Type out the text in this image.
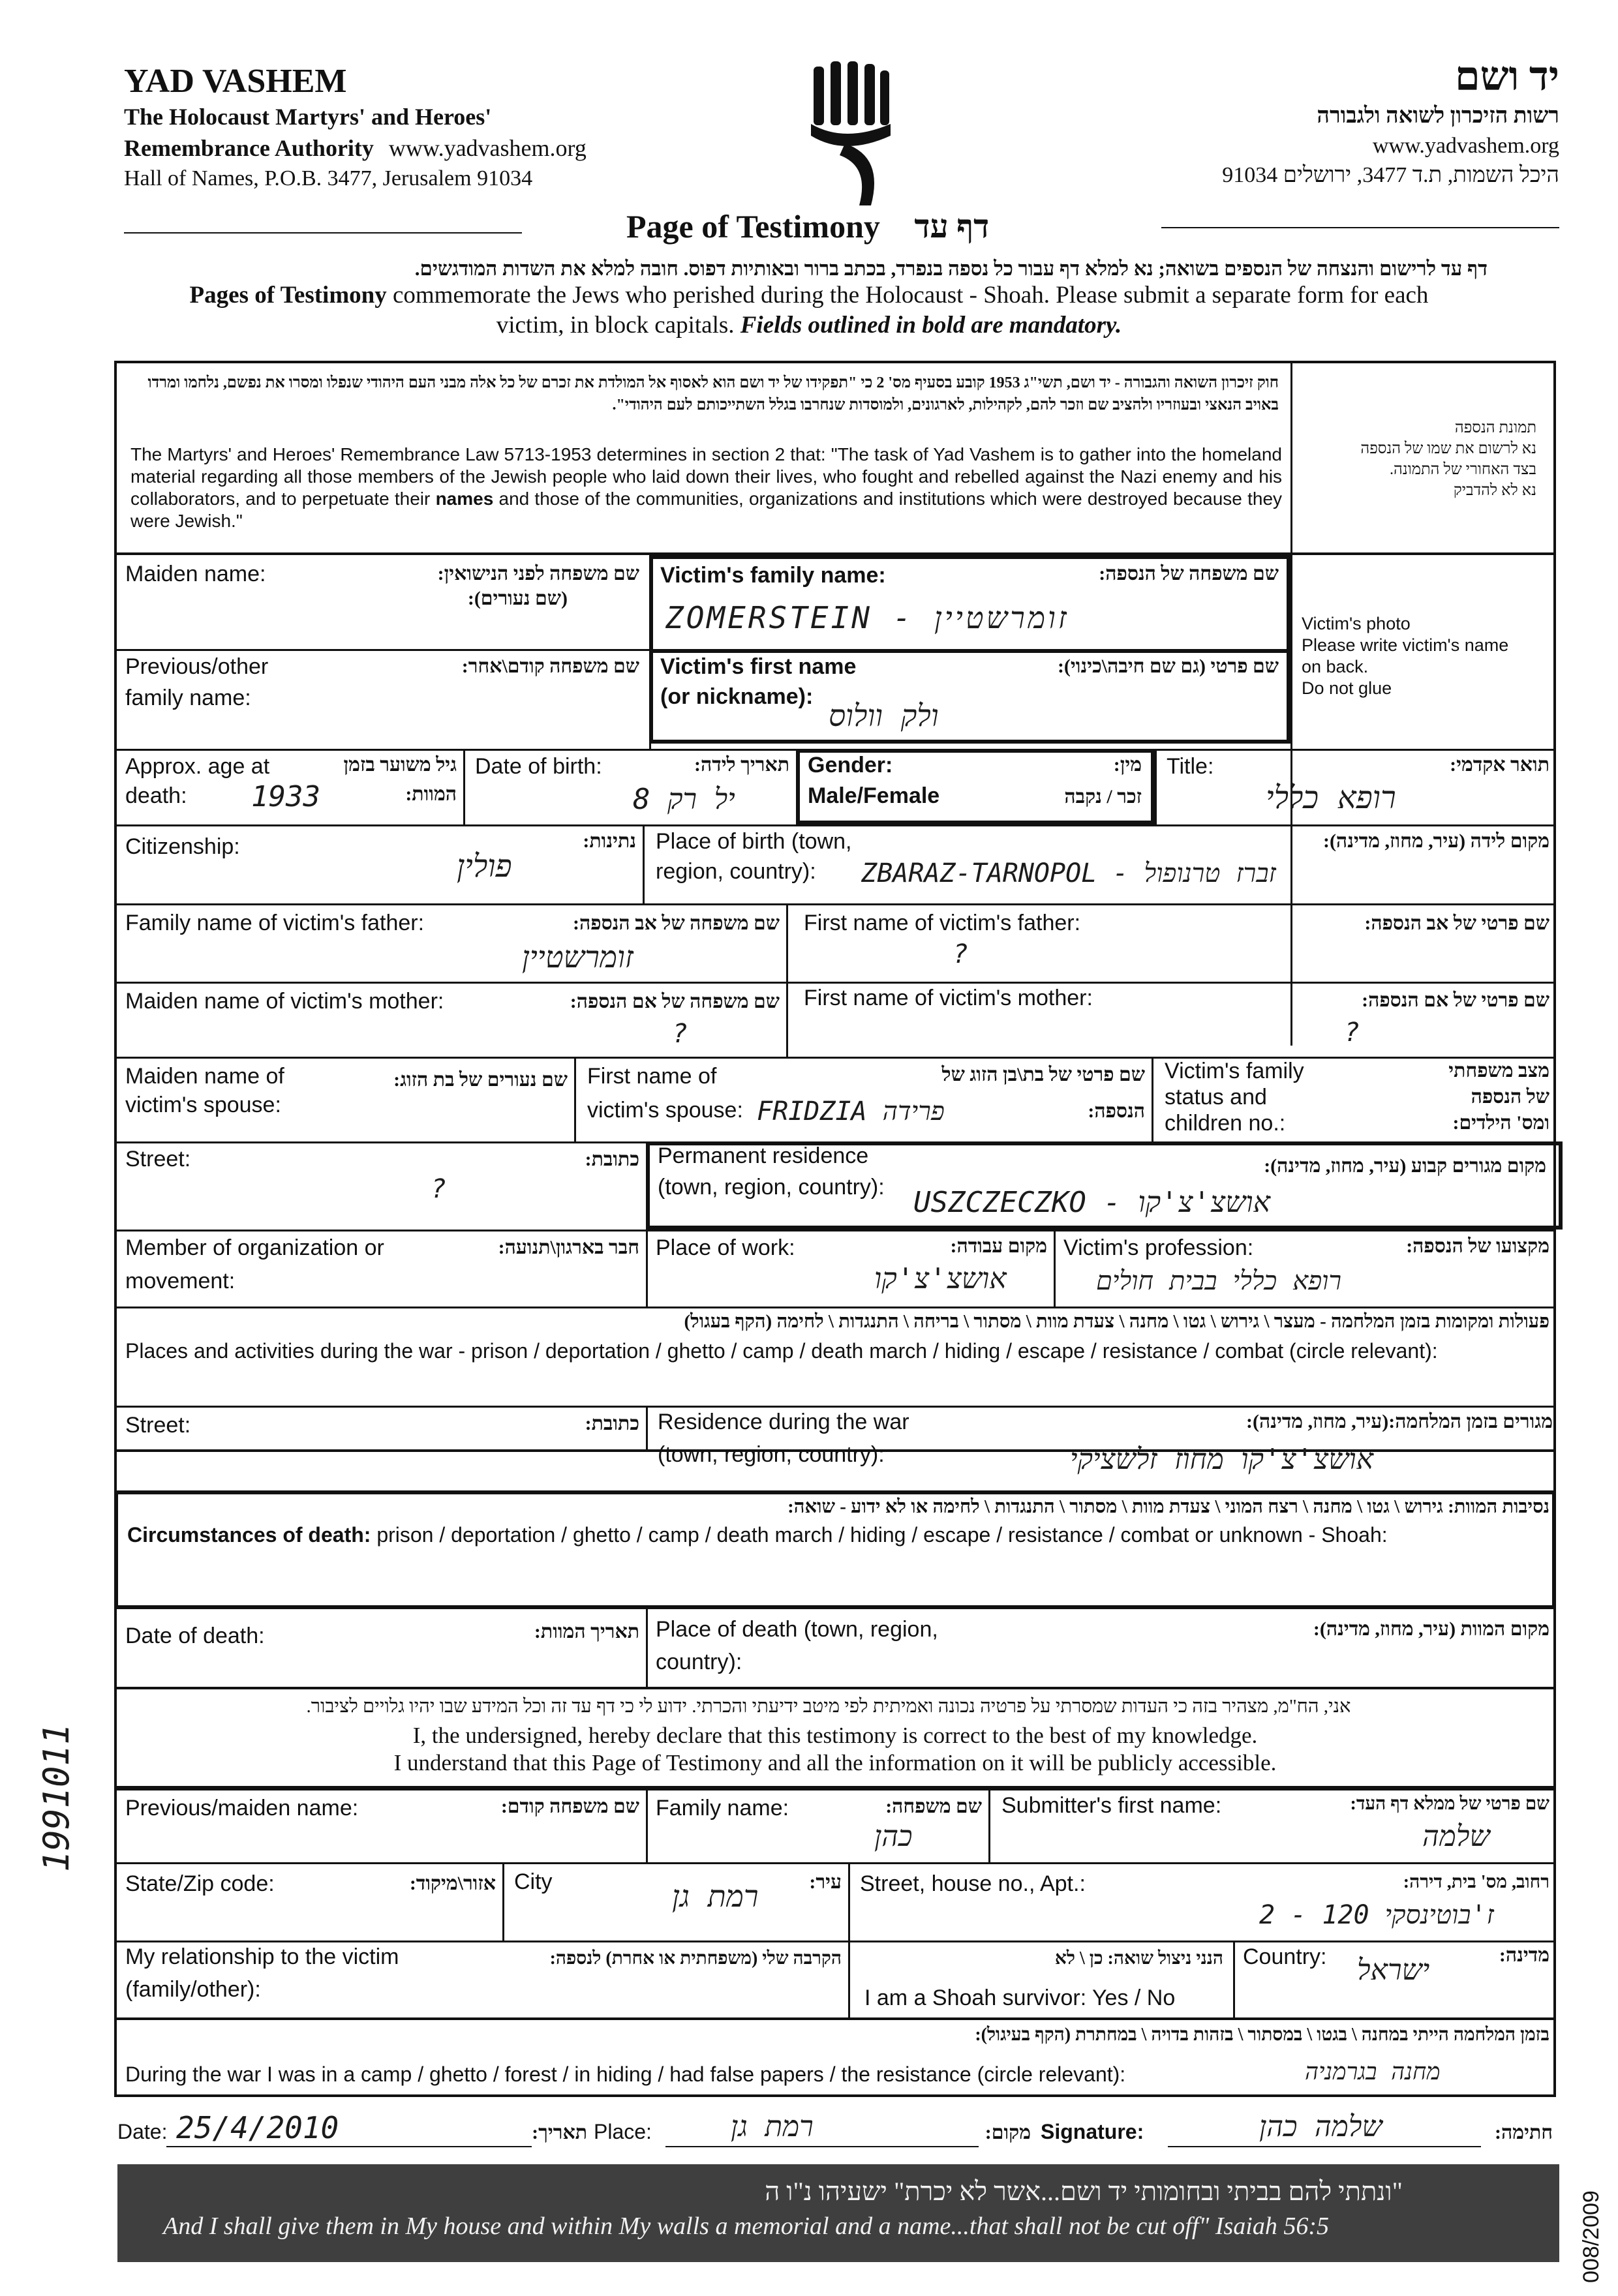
YAD VASHEM
The Holocaust Martyrs' and Heroes'
Remembrance Authority www.yadvashem.org
Hall of Names, P.O.B. 3477, Jerusalem 91034
יד ושם
רשות הזיכרון לשואה ולגבורה
www.yadvashem.org
היכל השמות, ת.ד 3477, ירושלים 91034
Page of Testimony דף עד
דף עד לרישום והנצחה של הנספים בשואה; נא למלא דף עבור כל נספה בנפרד, בכתב ברור ובאותיות דפוס. חובה למלא את השדות המודגשים.
Pages of Testimony commemorate the Jews who perished during the Holocaust - Shoah. Please submit a separate form for each
victim, in block capitals. Fields outlined in bold are mandatory.
חוק זיכרון השואה והגבורה - יד ושם, תשי"ג 1953 קובע בסעיף מס' 2 כי "תפקידו של יד ושם הוא לאסוף אל המולדת את זכרם של כל אלה מבני העם היהודי שנפלו ומסרו את נפשם, נלחמו ומרדו באויב הנאצי ובעוזריו ולהציב שם וזכר להם, לקהילות, לארגונים, ולמוסדות שנחרבו בגלל השתייכותם לעם היהודי".
The Martyrs' and Heroes' Remembrance Law 5713-1953 determines in section 2 that: "The task of Yad Vashem is to gather into the homeland material regarding all those members of the Jewish people who laid down their lives, who fought and rebelled against the Nazi enemy and his collaborators, and to perpetuate their names and those of the communities, organizations and institutions which were destroyed because they were Jewish."
תמונת הנספה
נא לרשום את שמו של הנספה
בצד האחורי של התמונה.
נא לא להדביק
Victim's photo
Please write victim's name
on back.
Do not glue
Maiden name:	שם משפחה לפני הנישואין:
(שם נעורים):
Victim's family name:	שם משפחה של הנספה:
ZOMERSTEIN - זומרשטיין
Previous/other
family name:
שם משפחה קודם\אחר: Victim's first name
(or nickname):
שם פרטי (גם שם חיבה\כינוי):
ולק וולוס
Approx. age at
death:
גיל משוער בזמן
המוות:
1933
Date of birth:	תאריך לידה:
8 יל רק
Gender:
Male/Female
מין:
זכר / נקבה
Title:	תואר אקדמי:
רופא כללי
Citizenship:	נתינות:
פולין
Place of birth (town,
region, country):
מקום לידה (עיר, מחוז, מדינה):
ZBARAZ-TARNOPOL - זברז טרנופול
Family name of victim's father:	שם משפחה של אב הנספה:
זומרשטיין
First name of victim's father:	שם פרטי של אב הנספה:
?
Maiden name of victim's mother:	שם משפחה של אם הנספה:
?
First name of victim's mother:	שם פרטי של אם הנספה:
?
Maiden name of
victim's spouse:
שם נעורים של בת הזוג: First name of
victim's spouse:
שם פרטי של בת\בן הזוג של
הנספה:
FRIDZIA פרידה
Victim's family
status and
children no.:
מצב משפחתי
של הנספה
ומס' הילדים:
Street:	כתובת:
?
Permanent residence
(town, region, country):
מקום מגורים קבוע (עיר, מחוז, מדינה):
USZCZECZKO - אושצ'צ'קו
Member of organization or
movement:
חבר בארגון\תנועה: Place of work:	מקום עבודה:
אושצ'צ'קו
Victim's profession:	מקצועו של הנספה:
רופא כללי בבית חולים
פעולות ומקומות בזמן המלחמה - מעצר \ גירוש \ גטו \ מחנה \ צעדת מוות \ מסתור \ בריחה \ התנגדות \ לחימה (הקף בעגול)
Places and activities during the war - prison / deportation / ghetto / camp / death march / hiding / escape / resistance / combat (circle relevant):
Street:	כתובת: Residence during the war
(town, region, country):
מגורים בזמן המלחמה:(עיר, מחוז, מדינה):
אושצ'צ'קו מחוז זלשציקי
נסיבות המוות: גירוש \ גטו \ מחנה \ רצח המוני \ צעדת מוות \ מסתור \ התנגדות \ לחימה או לא ידוע - שואה:
Circumstances of death: prison / deportation / ghetto / camp / death march / hiding / escape / resistance / combat or unknown - Shoah:
Date of death:	תאריך המוות: Place of death (town, region,
country):
מקום המוות (עיר, מחוז, מדינה):
אני, הח"מ, מצהיר בזה כי העדות שמסרתי על פרטיה נכונה ואמיתית לפי מיטב ידיעתי והכרתי. ידוע לי כי דף עד זה וכל המידע שבו יהיו גלויים לציבור.
I, the undersigned, hereby declare that this testimony is correct to the best of my knowledge.
I understand that this Page of Testimony and all the information on it will be publicly accessible.
Previous/maiden name:	שם משפחה קודם: Family name:	שם משפחה:
כהן
Submitter's first name:	שם פרטי של ממלא דף העד:
שלמה
State/Zip code:	אזור\מיקוד: City	עיר:
רמת גן	Street, house no., Apt.:	רחוב, מס' בית, דירה:
ז'בוטינסקי 120 - 2
My relationship to the victim
(family/other):
הקרבה שלי (משפחתית או אחרת) לנספה:	הנני ניצול שואה: כן \ לא
I am a Shoah survivor: Yes / No
Country:	מדינה:
ישראל
בזמן המלחמה הייתי במחנה \ בגטו \ במסתור \ בזהות בדויה \ במחתרת (הקף בעיגול):
During the war I was in a camp / ghetto / forest / in hiding / had false papers / the resistance (circle relevant):	מחנה בגרמניה
Date: 25/4/2010	תאריך: Place:	רמת גן	מקום: Signature:	שלמה כהן	חתימה:
"ונתתי להם בביתי ובחומותי יד ושם...אשר לא יכרת" ישעיהו נ"ו ה
And I shall give them in My house and within My walls a memorial and a name...that shall not be cut off" Isaiah 56:5
1991011
008/2009
